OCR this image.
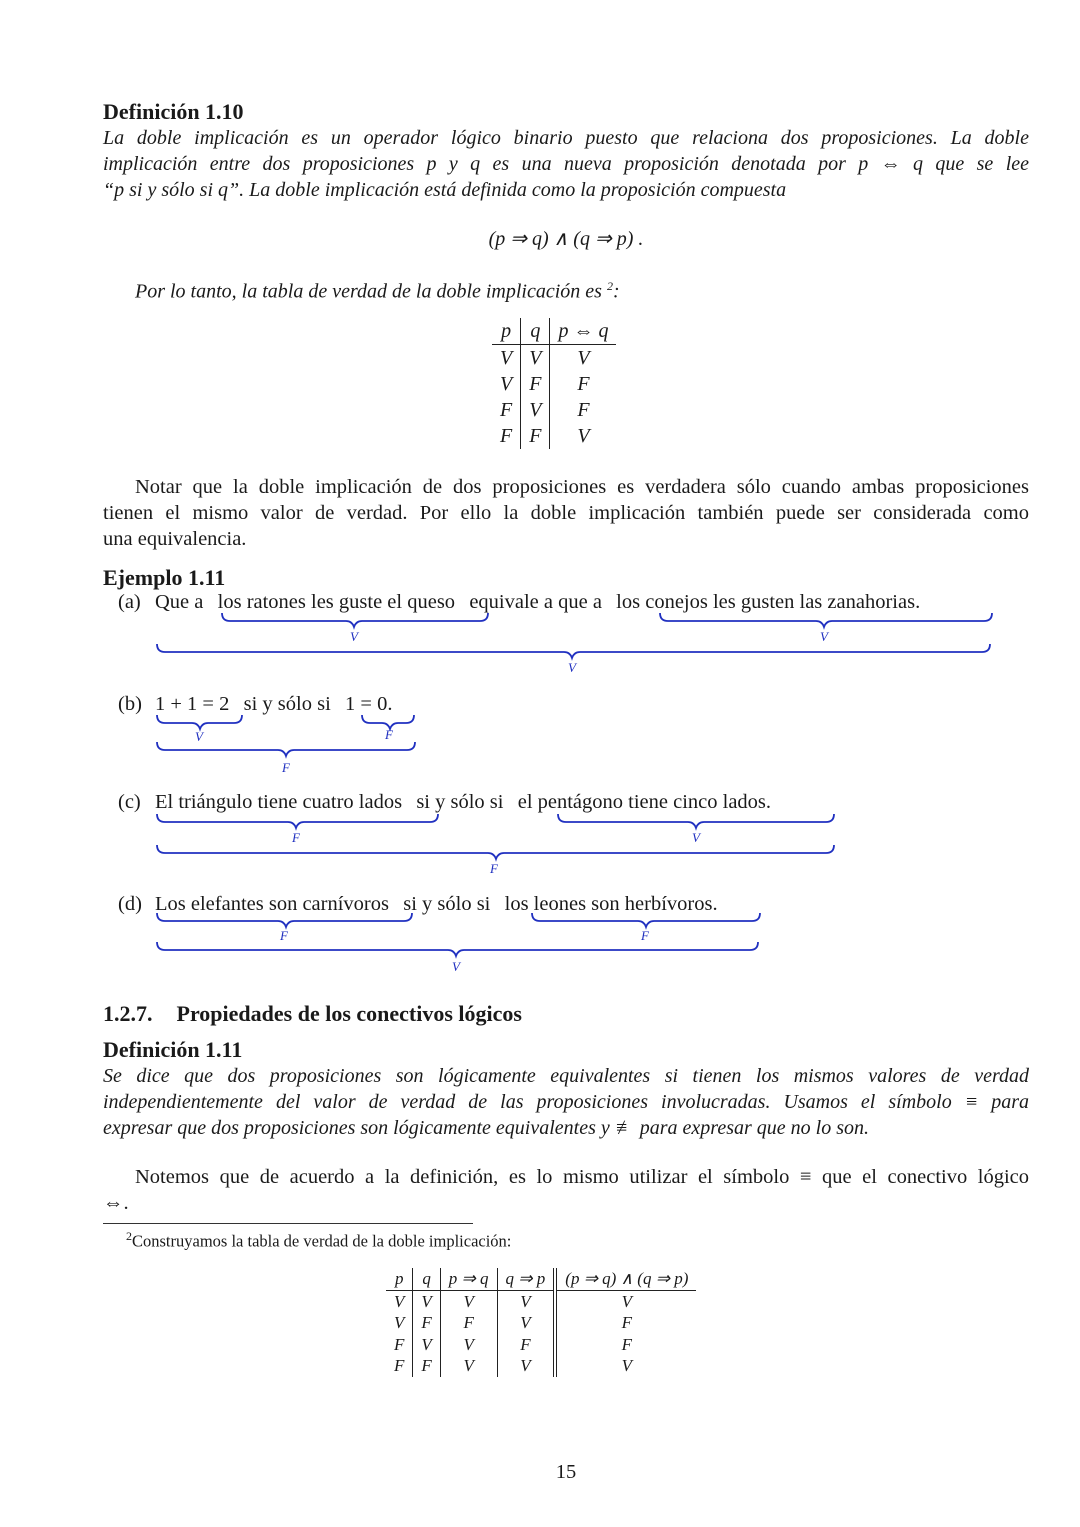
Definición 1.10
La doble implicación es un operador lógico binario puesto que relaciona dos proposiciones. La doble
implicación entre dos proposiciones p y q es una nueva proposición denotada por p ⇔ q que se lee
“p si y sólo si q”. La doble implicación está definida como la proposición compuesta
(p ⇒ q) ∧ (q ⇒ p) .
Por lo tanto, la tabla de verdad de la doble implicación es $^2$:
p	q	p ⇔ q
V	V	V
V	F	F
F	V	F
F	F	V
Notar que la doble implicación de dos proposiciones es verdadera sólo cuando ambas proposiciones
tienen el mismo valor de verdad. Por ello la doble implicación también puede ser considerada como
una equivalencia.
Ejemplo 1.11
(a) Que a los ratones les guste el queso equivale a que a los conejos les gusten las zanahorias.
(b) 1 + 1 = 2 si y sólo si 1 = 0.
(c) El triángulo tiene cuatro lados si y sólo si el pentágono tiene cinco lados.
(d) Los elefantes son carnívoros si y sólo si los leones son herbívoros.
V	V
V
V	F
F
F	V
F
F	F
V
1.2.7. Propiedades de los conectivos lógicos
Definición 1.11
Se dice que dos proposiciones son lógicamente equivalentes si tienen los mismos valores de verdad
independientemente del valor de verdad de las proposiciones involucradas. Usamos el símbolo ≡ para
expresar que dos proposiciones son lógicamente equivalentes y ≢ para expresar que no lo son.
Notemos que de acuerdo a la definición, es lo mismo utilizar el símbolo ≡ que el conectivo lógico
⇔.
$^2$Construyamos la tabla de verdad de la doble implicación:
p	q	p ⇒ q	q ⇒ p	(p ⇒ q) ∧ (q ⇒ p)
V	V	V	V	V
V	F	F	V	F
F	V	V	F	F
F	F	V	V	V
15
